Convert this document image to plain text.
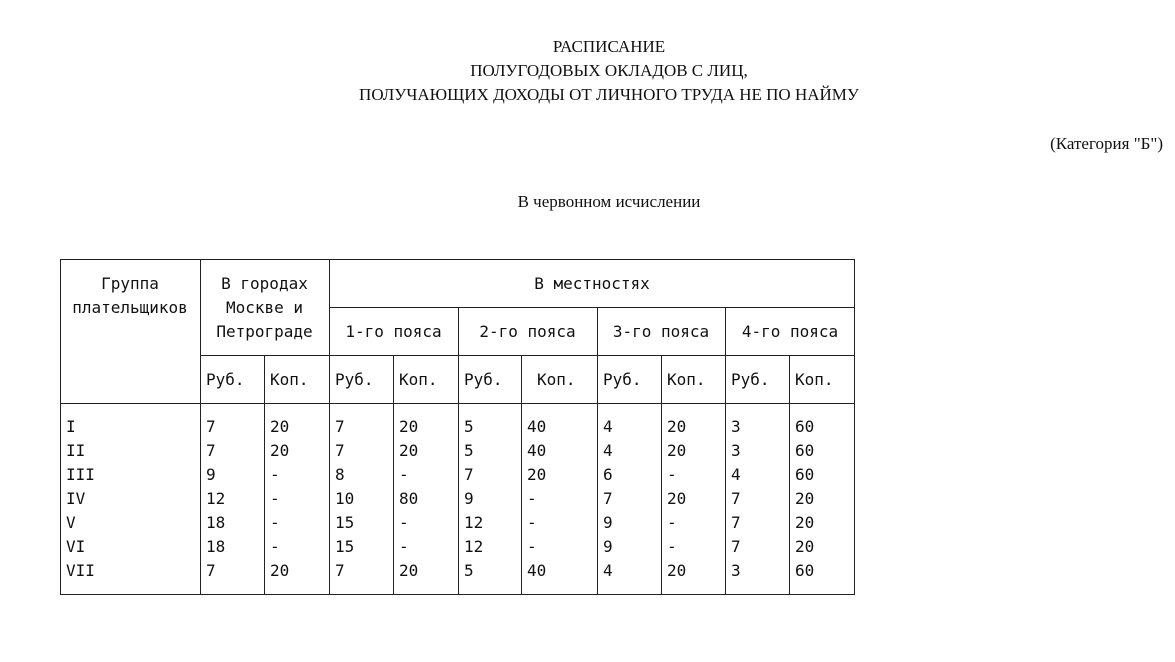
РАСПИСАНИЕ
ПОЛУГОДОВЫХ ОКЛАДОВ С ЛИЦ,
ПОЛУЧАЮЩИХ ДОХОДЫ ОТ ЛИЧНОГО ТРУДА НЕ ПО НАЙМУ
(Категория "Б")
В червонном исчислении
Группа
плательщиков
В городах
Москве и
Петрограде
В местностях
1-го пояса	2-го пояса	3-го пояса	4-го пояса
Руб. Коп. Руб. Коп. Руб. Коп. Руб. Коп. Руб. Коп.
I	7	20	7	20	5	40	4	20	3	60
II	7	20	7	20	5	40	4	20	3	60
III	9	-	8	-	7	20	6	-	4	60
IV	12	-	10	80	9	-	7	20	7	20
V	18	-	15	-	12	-	9	-	7	20
VI	18	-	15	-	12	-	9	-	7	20
VII	7	20	7	20	5	40	4	20	3	60
